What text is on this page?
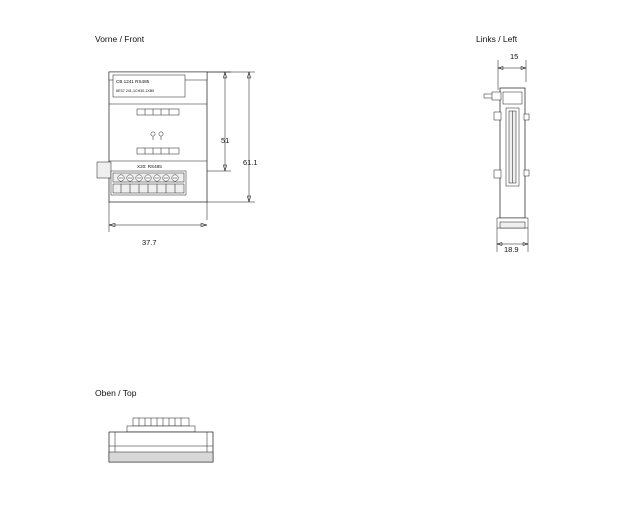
Vorne / Front
CB 1241 RS485
6ES7 241-1CH30-1XB0
X20: RS485
37.7
51
61.1
Links / Left
15
18.9
Oben / Top
